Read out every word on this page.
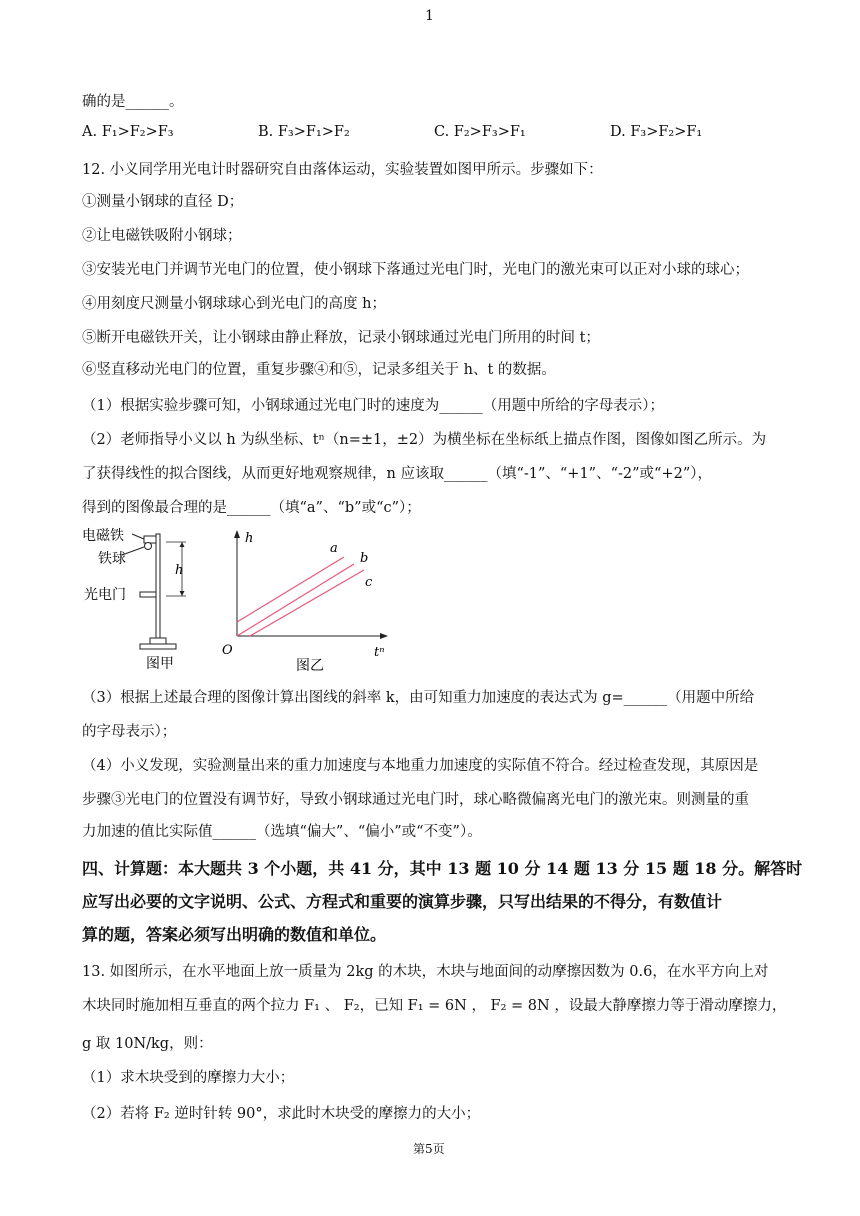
1
确的是______。
A. F₁>F₂>F₃	B. F₃>F₁>F₂	C. F₂>F₃>F₁	D. F₃>F₂>F₁
12. 小义同学用光电计时器研究自由落体运动，实验装置如图甲所示。步骤如下：
①测量小钢球的直径 D；
②让电磁铁吸附小钢球；
③安装光电门并调节光电门的位置，使小钢球下落通过光电门时，光电门的激光束可以正对小球的球心；
④用刻度尺测量小钢球球心到光电门的高度 h；
⑤断开电磁铁开关，让小钢球由静止释放，记录小钢球通过光电门所用的时间 t；
⑥竖直移动光电门的位置，重复步骤④和⑤，记录多组关于 h、t 的数据。
（1）根据实验步骤可知，小钢球通过光电门时的速度为______（用题中所给的字母表示）；
（2）老师指导小义以 h 为纵坐标、tⁿ（n=±1，±2）为横坐标在坐标纸上描点作图，图像如图乙所示。为
了获得线性的拟合图线，从而更好地观察规律，n 应该取______（填“-1”、“+1”、“-2”或“+2”），
得到的图像最合理的是______（填“a”、“b”或“c”）；
电磁铁
铁球
光电门
h
图甲
h
tⁿ
O
a
b
c
图乙
（3）根据上述最合理的图像计算出图线的斜率 k，由可知重力加速度的表达式为 g=______（用题中所给
的字母表示）；
（4）小义发现，实验测量出来的重力加速度与本地重力加速度的实际值不符合。经过检查发现，其原因是
步骤③光电门的位置没有调节好，导致小钢球通过光电门时，球心略微偏离光电门的激光束。则测量的重
力加速的值比实际值______（选填“偏大”、“偏小”或“不变”）。
四、计算题：本大题共 3 个小题，共 41 分，其中 13 题 10 分 14 题 13 分 15 题 18 分。解答时
应写出必要的文字说明、公式、方程式和重要的演算步骤，只写出结果的不得分，有数值计
算的题，答案必须写出明确的数值和单位。
13. 如图所示，在水平地面上放一质量为 2kg 的木块，木块与地面间的动摩擦因数为 0.6，在水平方向上对
木块同时施加相互垂直的两个拉力 F₁ 、 F₂，已知 F₁ = 6N ， F₂ = 8N ，设最大静摩擦力等于滑动摩擦力，
g 取 10N/kg，则：
（1）求木块受到的摩擦力大小；
（2）若将 F₂ 逆时针转 90°，求此时木块受的摩擦力的大小；
第5页
